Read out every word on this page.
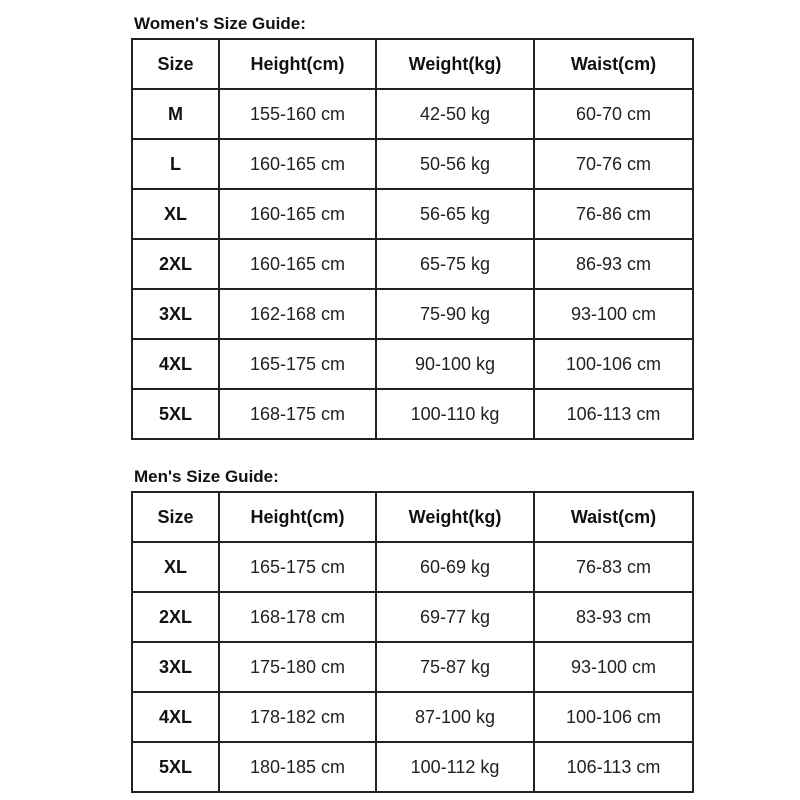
Women's Size Guide:
Size	Height(cm)	Weight(kg)	Waist(cm)
M	155-160 cm	42-50 kg	60-70 cm
L	160-165 cm	50-56 kg	70-76 cm
XL	160-165 cm	56-65 kg	76-86 cm
2XL	160-165 cm	65-75 kg	86-93 cm
3XL	162-168 cm	75-90 kg	93-100 cm
4XL	165-175 cm	90-100 kg	100-106 cm
5XL	168-175 cm	100-110 kg	106-113 cm
Men's Size Guide:
Size	Height(cm)	Weight(kg)	Waist(cm)
XL	165-175 cm	60-69 kg	76-83 cm
2XL	168-178 cm	69-77 kg	83-93 cm
3XL	175-180 cm	75-87 kg	93-100 cm
4XL	178-182 cm	87-100 kg	100-106 cm
5XL	180-185 cm	100-112 kg	106-113 cm
